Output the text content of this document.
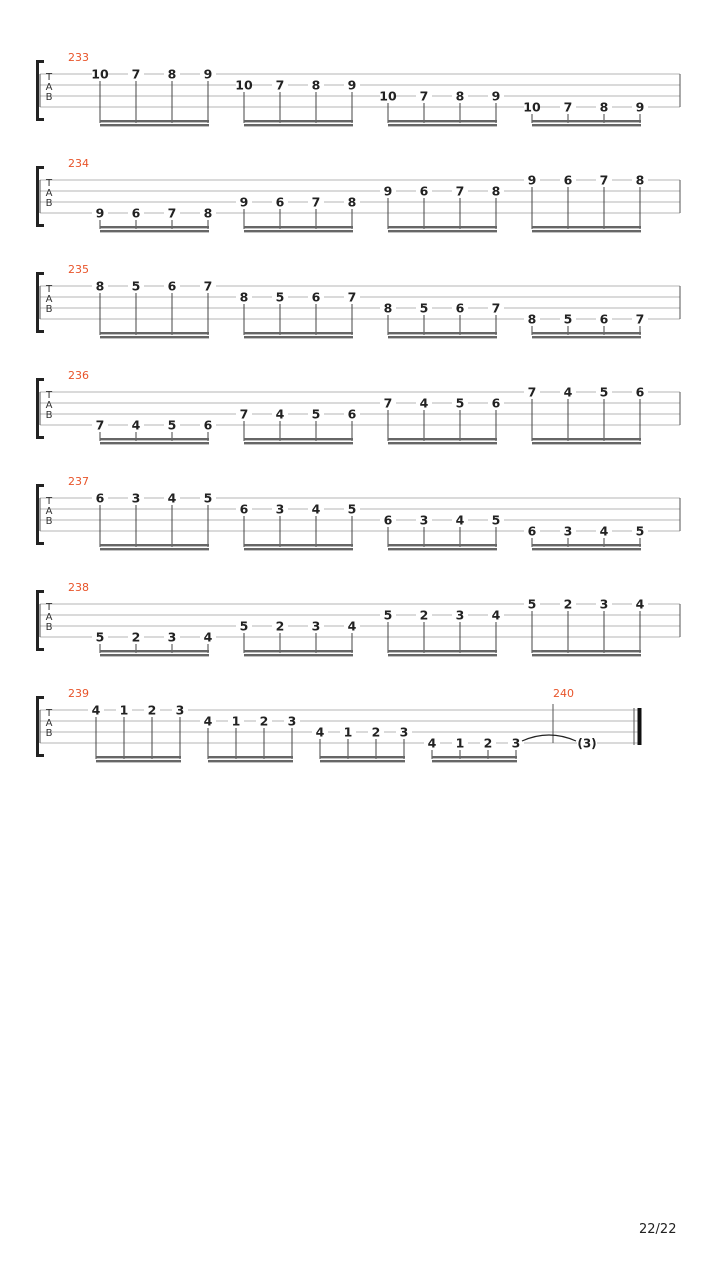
T
A
B
233
10 7 8 9
10 7 8 9
10 7 8 9
10 7 8 9
T
A
B
234
9 6 7 8
9 6 7 8
9 6 7 8
9 6 7 8
T
A
B
235
8 5 6 7
8 5 6 7
8 5 6 7
8 5 6 7
T
A
B
236
7 4 5 6
7 4 5 6
7 4 5 6
7 4 5 6
T
A
B
237
6 3 4 5
6 3 4 5
6 3 4 5
6 3 4 5
T
A
B
238
5 2 3 4
5 2 3 4
5 2 3 4
5 2 3 4
T
A
B
239
4 1 2 3
4 1 2 3
4 1 2 3
4 1 2 3
240
(3)
22/22
